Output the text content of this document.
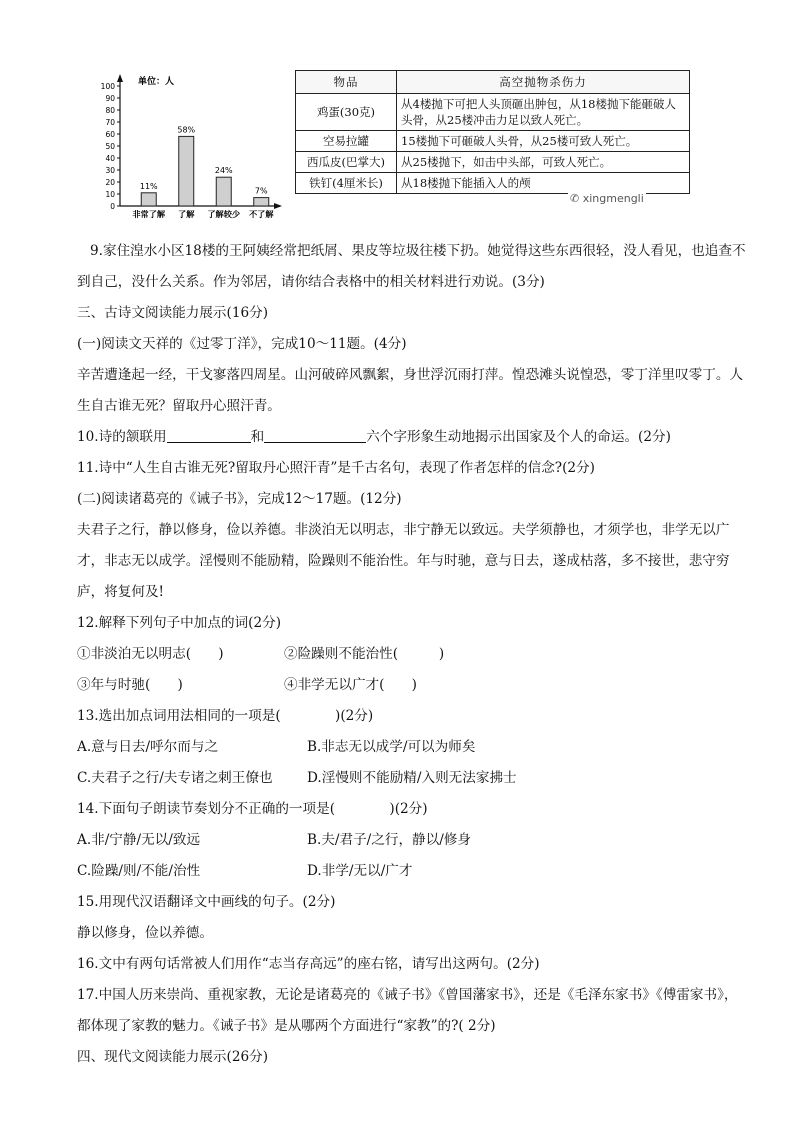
单位：人
0
10
20
30
40
50
60
70
80
90
100
11%
非常了解
58%
了解
24%
了解较少
7%
不了解
物品	高空抛物杀伤力
鸡蛋(30克)	从4楼抛下可把人头顶砸出肿包，从18楼抛下能砸破人头骨，从25楼冲击力足以致人死亡。
空易拉罐	15楼抛下可砸破人头骨，从25楼可致人死亡。
西瓜皮(巴掌大)	从25楼抛下，如击中头部，可致人死亡。
铁钉(4厘米长)	从18楼抛下能插入人的颅
✆ xingmengli

9.家住湟水小区18楼的王阿姨经常把纸屑、果皮等垃圾往楼下扔。她觉得这些东西很轻，没人看见，也追查不到自己，没什么关系。作为邻居，请你结合表格中的相关材料进行劝说。(3分)

三、古诗文阅读能力展示(16分)

(一)阅读文天祥的《过零丁洋》，完成10～11题。(4分)

辛苦遭逢起一经，干戈寥落四周星。山河破碎风飘絮，身世浮沉雨打萍。惶恐滩头说惶恐，零丁洋里叹零丁。人生自古谁无死？留取丹心照汗青。

10.诗的颔联用	和	六个字形象生动地揭示出国家及个人的命运。(2分)

11.诗中“人生自古谁无死?留取丹心照汗青”是千古名句，表现了作者怎样的信念?(2分)

(二)阅读诸葛亮的《诫子书》，完成12～17题。(12分)

夫君子之行，静以修身，俭以养德。非淡泊无以明志，非宁静无以致远。夫学须静也，才须学也，非学无以广才，非志无以成学。淫慢则不能励精，险躁则不能治性。年与时驰，意与日去，遂成枯落，多不接世，悲守穷庐，将复何及!

12.解释下列句子中加点的词(2分)

①非淡泊无以明志(　　)	②险躁则不能治性(　　　)
③年与时驰(　　)	④非学无以广才(　　)

13.选出加点词用法相同的一项是(　　　　)(2分)

A.意与日去/呼尔而与之	B.非志无以成学/可以为师矣
C.夫君子之行/夫专诸之刺王僚也	D.淫慢则不能励精/入则无法家拂士

14.下面句子朗读节奏划分不正确的一项是(　　　　)(2分)

A.非/宁静/无以/致远	B.夫/君子/之行，静以/修身
C.险躁/则/不能/治性	D.非学/无以/广才

15.用现代汉语翻译文中画线的句子。(2分)

静以修身，俭以养德。

16.文中有两句话常被人们用作“志当存高远”的座右铭，请写出这两句。(2分)

17.中国人历来崇尚、重视家教，无论是诸葛亮的《诫子书》《曾国藩家书》，还是《毛泽东家书》《傅雷家书》，都体现了家教的魅力。《诫子书》是从哪两个方面进行“家教”的?( 2分)

四、现代文阅读能力展示(26分)
